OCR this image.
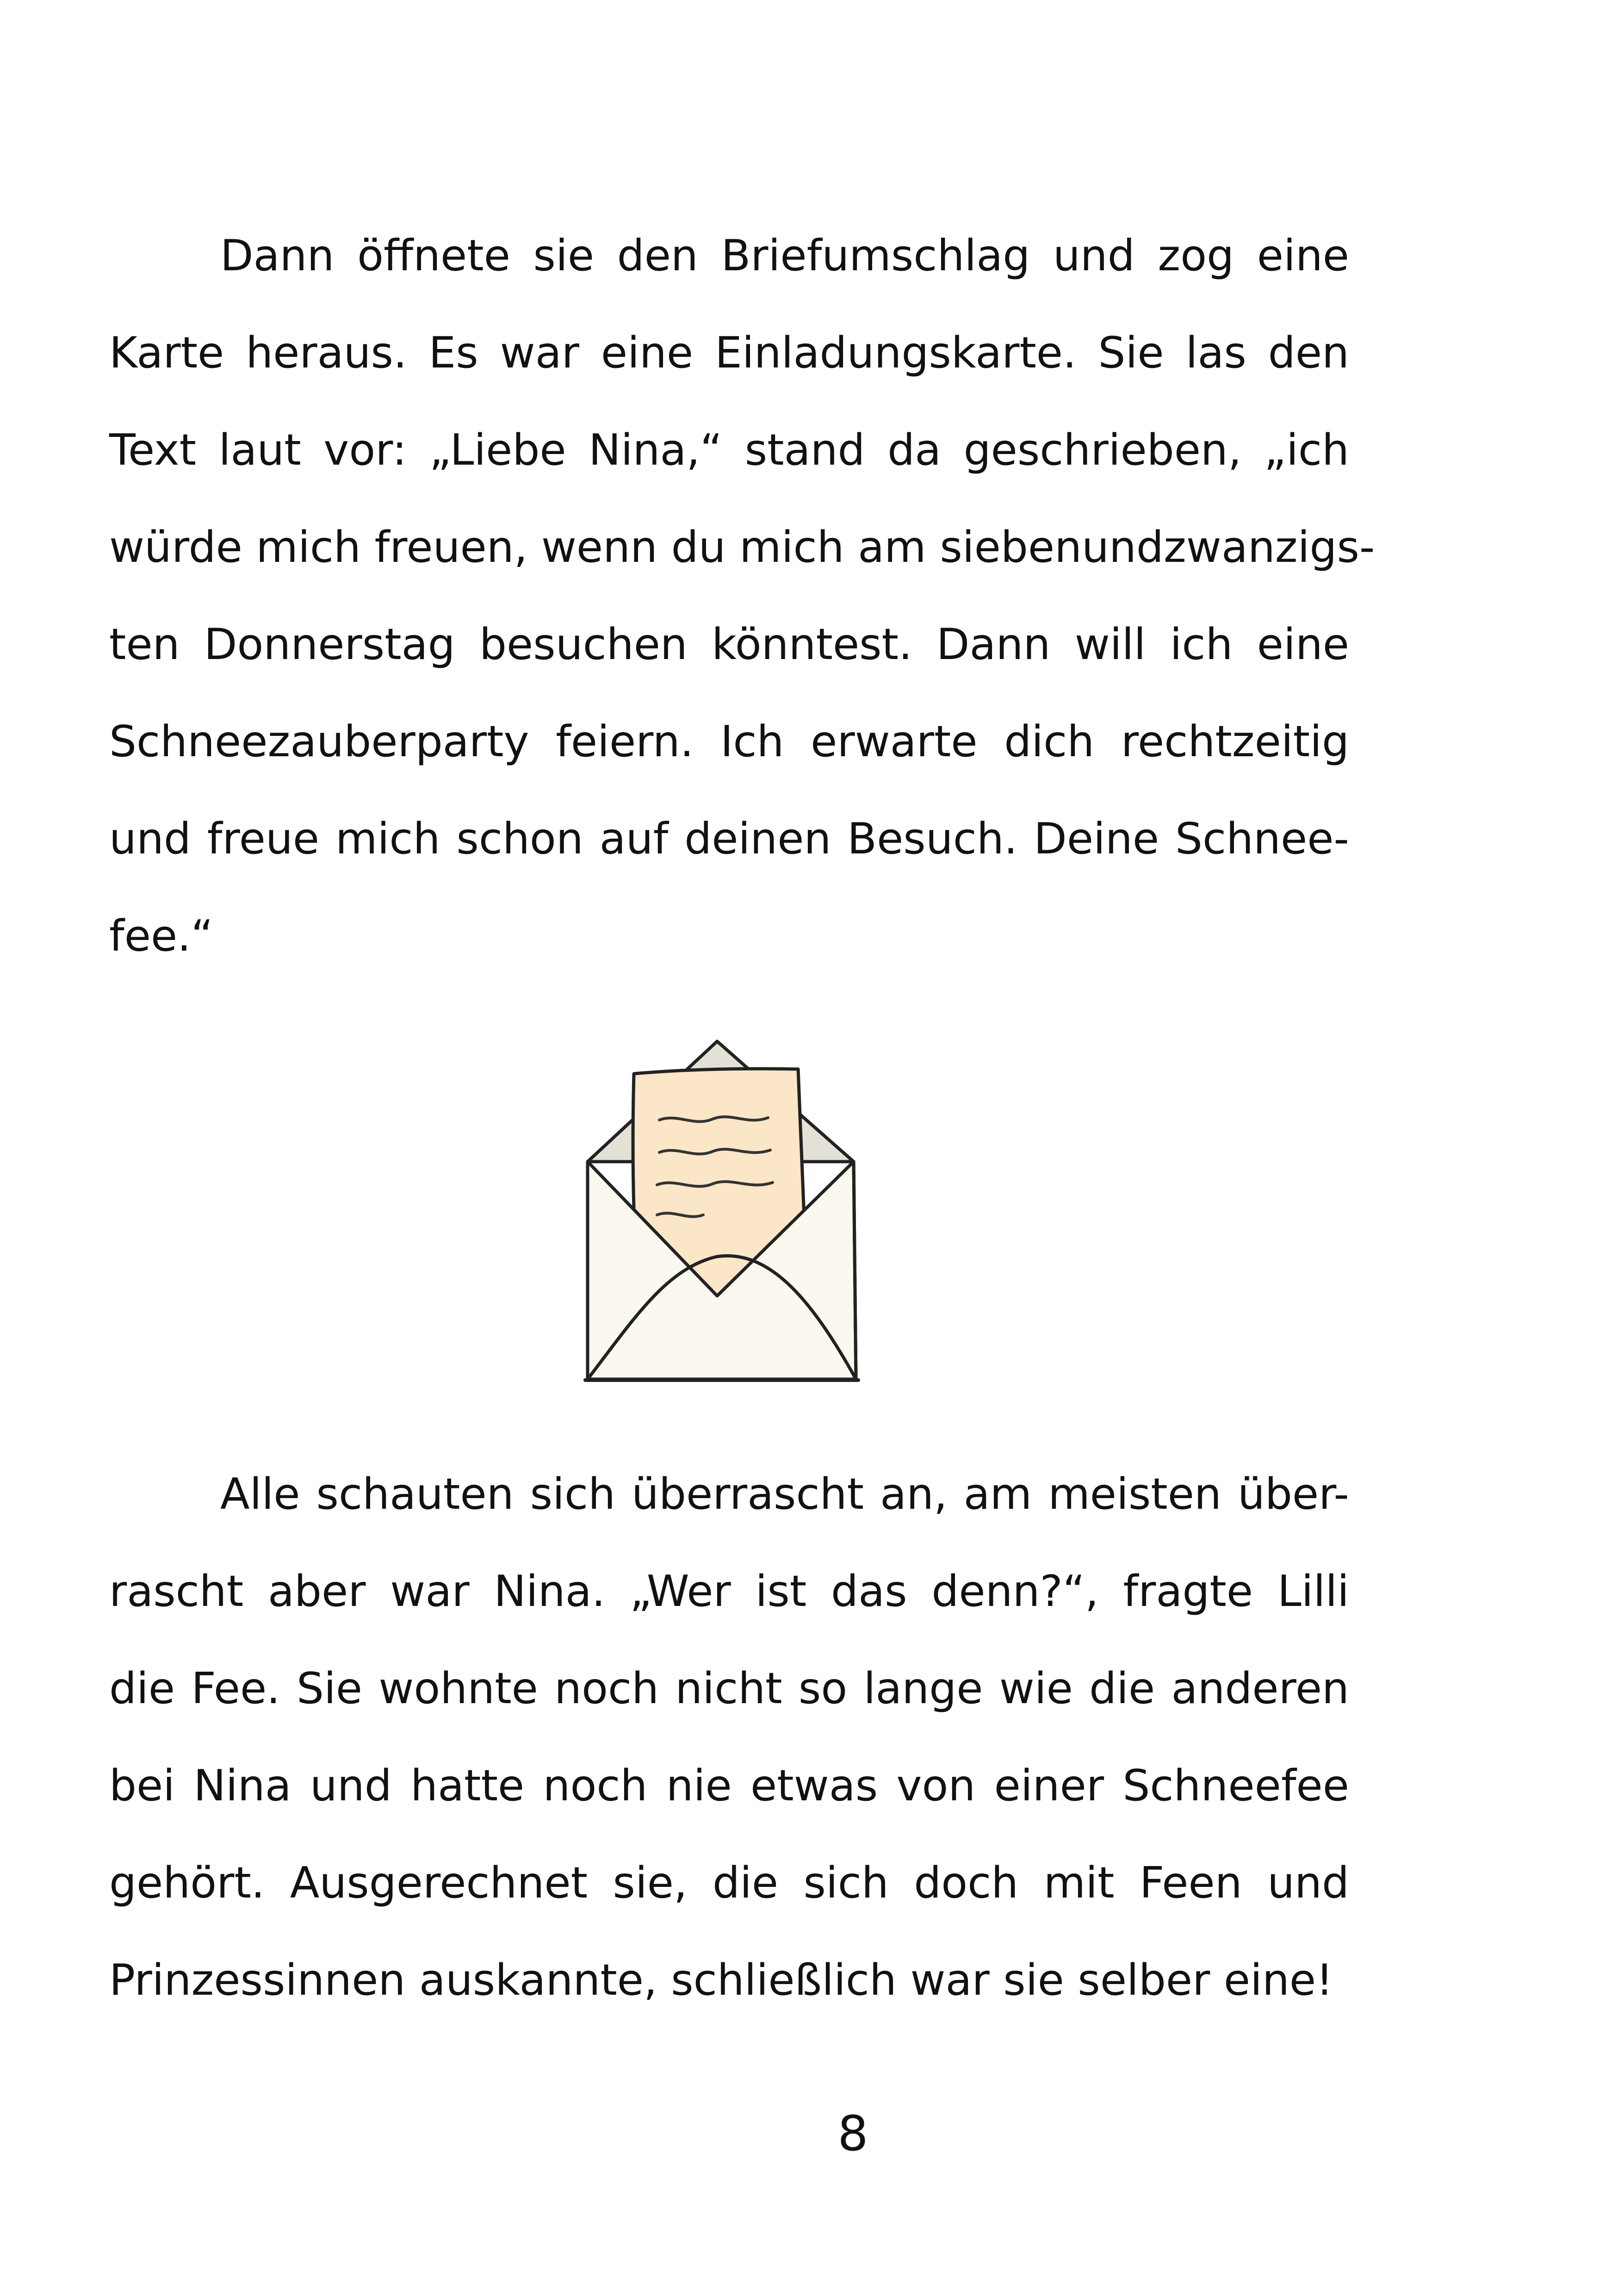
Dann öffnete sie den Briefumschlag und zog eine
Karte heraus. Es war eine Einladungskarte. Sie las den
Text laut vor: „Liebe Nina,“ stand da geschrieben, „ich
würde mich freuen, wenn du mich am siebenundzwanzigs-
ten Donnerstag besuchen könntest. Dann will ich eine
Schneezauberparty feiern. Ich erwarte dich rechtzeitig
und freue mich schon auf deinen Besuch. Deine Schnee-
fee.“
Alle schauten sich überrascht an, am meisten über-
rascht aber war Nina. „Wer ist das denn?“, fragte Lilli
die Fee. Sie wohnte noch nicht so lange wie die anderen
bei Nina und hatte noch nie etwas von einer Schneefee
gehört. Ausgerechnet sie, die sich doch mit Feen und
Prinzessinnen auskannte, schließlich war sie selber eine!
8
